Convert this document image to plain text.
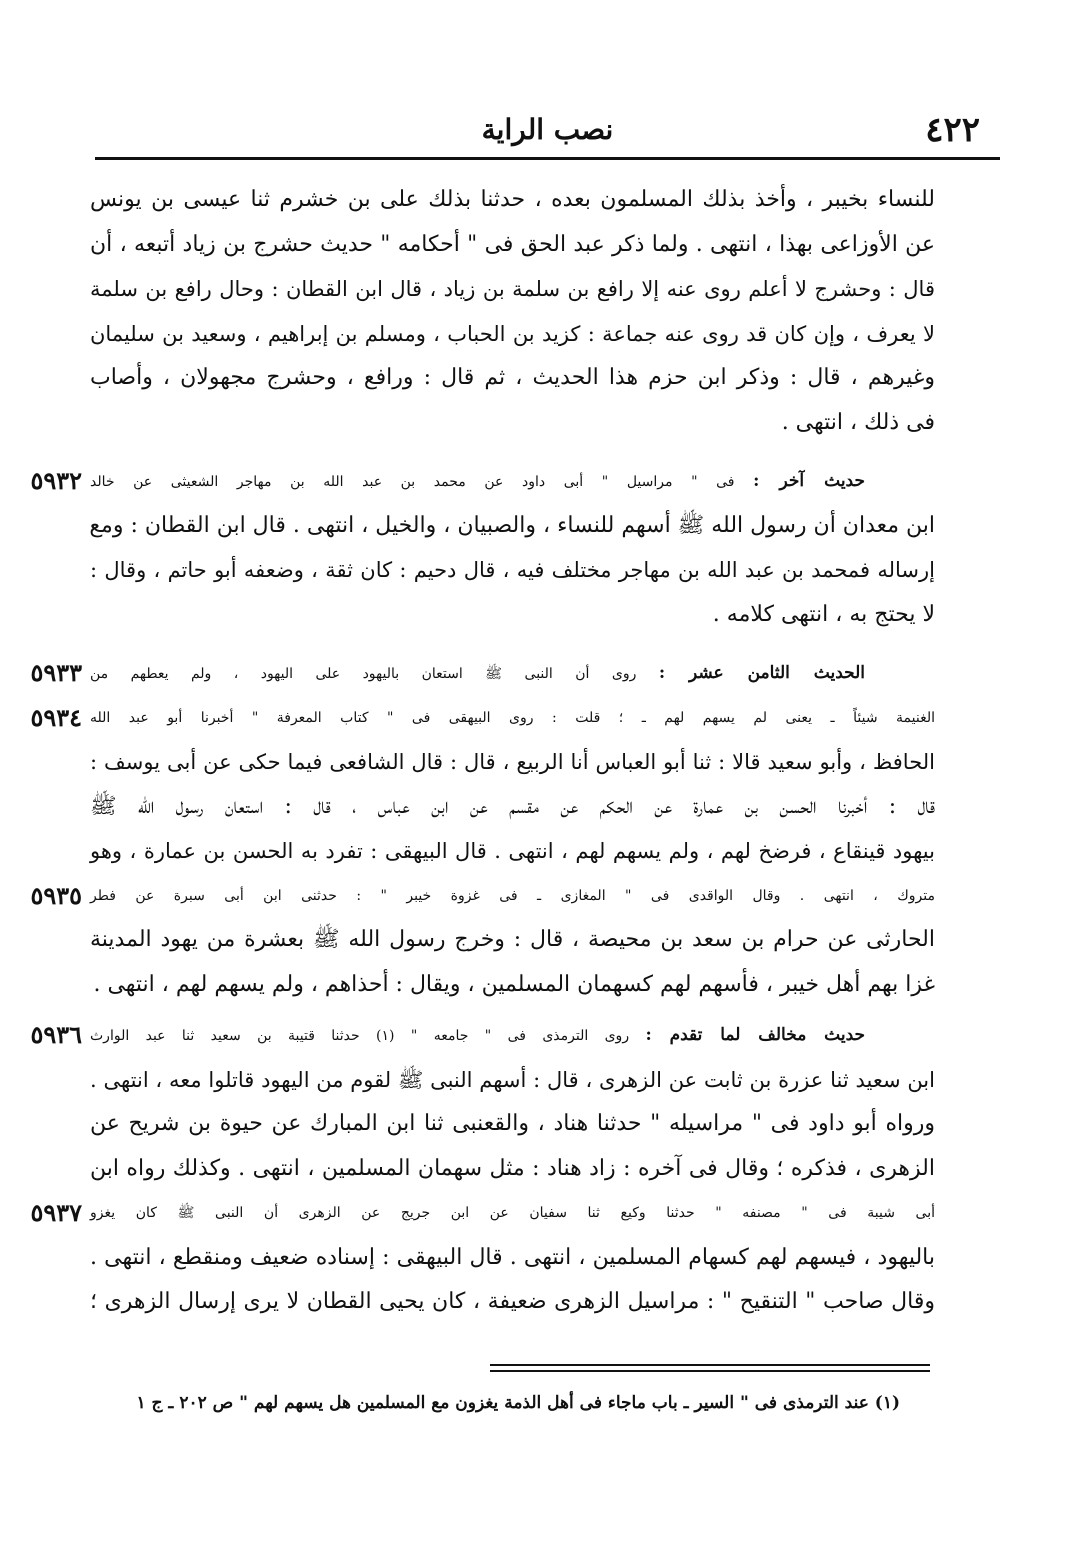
٤٢٢
نصب الراية
للنساء بخيبر ، وأخذ بذلك المسلمون بعده ، حدثنا بذلك على بن خشرم ثنا عيسى بن يونس
عن الأوزاعى بهذا ، انتهى . ولما ذكر عبد الحق فى " أحكامه " حديث حشرج بن زياد أتبعه ، أن
قال : وحشرج لا أعلم روى عنه إلا رافع بن سلمة بن زياد ، قال ابن القطان : وحال رافع بن سلمة
لا يعرف ، وإن كان قد روى عنه جماعة : كزيد بن الحباب ، ومسلم بن إبراهيم ، وسعيد بن سليمان
وغيرهم ، قال : وذكر ابن حزم هذا الحديث ، ثم قال : ورافع ، وحشرج مجهولان ، وأصاب
فى ذلك ، انتهى .
٥٩٣٢	حديث آخر : فى " مراسيل " أبى داود عن محمد بن عبد الله بن مهاجر الشعيثى عن خالد
ابن معدان أن رسول الله ﷺ أسهم للنساء ، والصبيان ، والخيل ، انتهى . قال ابن القطان : ومع
إرساله فمحمد بن عبد الله بن مهاجر مختلف فيه ، قال دحيم : كان ثقة ، وضعفه أبو حاتم ، وقال :
لا يحتج به ، انتهى كلامه .
٥٩٣٣	الحديث الثامن عشر : روى أن النبى ﷺ استعان باليهود على اليهود ، ولم يعطهم من
٥٩٣٤ الغنيمة شيئاً ـ يعنى لم يسهم لهم ـ ؛ قلت : روى البيهقى فى " كتاب المعرفة " أخبرنا أبو عبد الله
الحافظ ، وأبو سعيد قالا : ثنا أبو العباس أنا الربيع ، قال : قال الشافعى فيما حكى عن أبى يوسف :
قال : أخبرنا الحسن بن عمارة عن الحكم عن مقسم عن ابن عباس ، قال : استعان رسول الله ﷺ
بيهود قينقاع ، فرضخ لهم ، ولم يسهم لهم ، انتهى . قال البيهقى : تفرد به الحسن بن عمارة ، وهو
٥٩٣٥ متروك ، انتهى . وقال الواقدى فى " المغازى ـ فى غزوة خيبر " : حدثنى ابن أبى سبرة عن فطر
الحارثى عن حرام بن سعد بن محيصة ، قال : وخرج رسول الله ﷺ بعشرة من يهود المدينة
غزا بهم أهل خيبر ، فأسهم لهم كسهمان المسلمين ، ويقال : أحذاهم ، ولم يسهم لهم ، انتهى .
٥٩٣٦	حديث مخالف لما تقدم : روى الترمذى فى " جامعه " (١) حدثنا قتيبة بن سعيد ثنا عبد الوارث
ابن سعيد ثنا عزرة بن ثابت عن الزهرى ، قال : أسهم النبى ﷺ لقوم من اليهود قاتلوا معه ، انتهى .
ورواه أبو داود فى " مراسيله " حدثنا هناد ، والقعنبى ثنا ابن المبارك عن حيوة بن شريح عن
الزهرى ، فذكره ؛ وقال فى آخره : زاد هناد : مثل سهمان المسلمين ، انتهى . وكذلك رواه ابن
٥٩٣٧ أبى شيبة فى " مصنفه " حدثنا وكيع ثنا سفيان عن ابن جريج عن الزهرى أن النبى ﷺ كان يغزو
باليهود ، فيسهم لهم كسهام المسلمين ، انتهى . قال البيهقى : إسناده ضعيف ومنقطع ، انتهى .
وقال صاحب " التنقيح " : مراسيل الزهرى ضعيفة ، كان يحيى القطان لا يرى إرسال الزهرى ؛
(١) عند الترمذى فى " السير ـ باب ماجاء فى أهل الذمة يغزون مع المسلمين هل يسهم لهم " ص ٢٠٢ ـ ج ١
